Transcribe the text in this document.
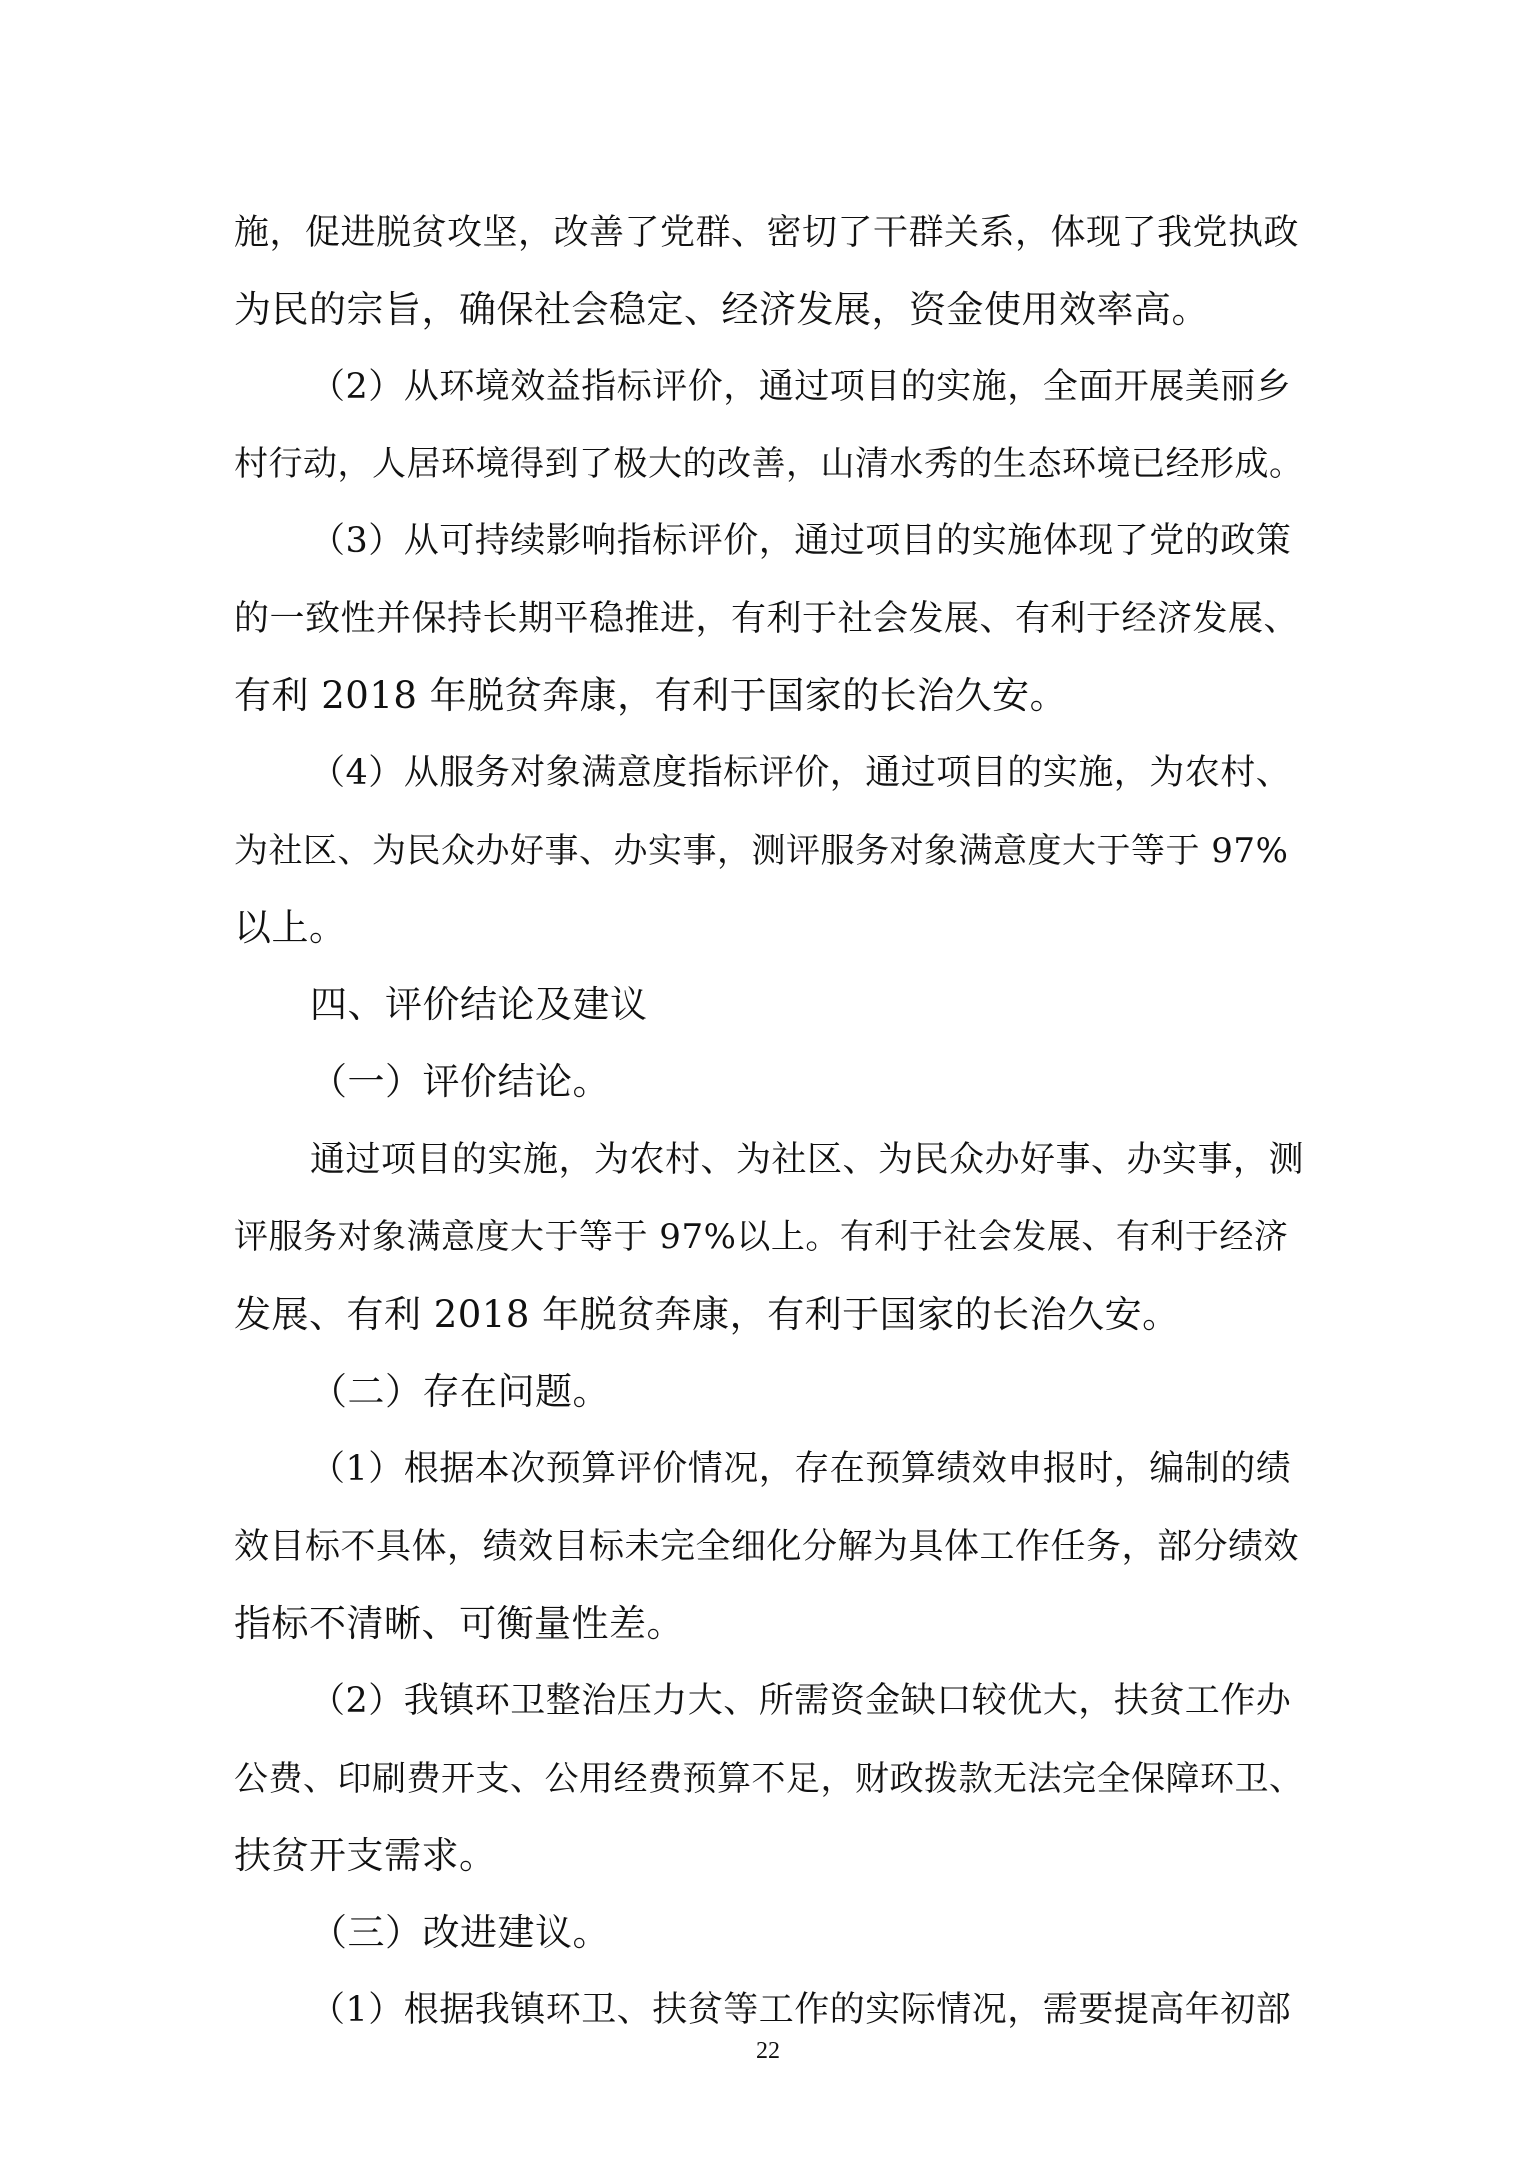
施，促进脱贫攻坚，改善了党群、密切了干群关系，体现了我党执政
为民的宗旨，确保社会稳定、经济发展，资金使用效率高。
（2）从环境效益指标评价，通过项目的实施，全面开展美丽乡
村行动，人居环境得到了极大的改善，山清水秀的生态环境已经形成。
（3）从可持续影响指标评价，通过项目的实施体现了党的政策
的一致性并保持长期平稳推进，有利于社会发展、有利于经济发展、
有利 2018 年脱贫奔康，有利于国家的长治久安。
（4）从服务对象满意度指标评价，通过项目的实施，为农村、
为社区、为民众办好事、办实事，测评服务对象满意度大于等于 97%
以上。
四、评价结论及建议
（一）评价结论。
通过项目的实施，为农村、为社区、为民众办好事、办实事，测
评服务对象满意度大于等于 97%以上。有利于社会发展、有利于经济
发展、有利 2018 年脱贫奔康，有利于国家的长治久安。
（二）存在问题。
（1）根据本次预算评价情况，存在预算绩效申报时，编制的绩
效目标不具体，绩效目标未完全细化分解为具体工作任务，部分绩效
指标不清晰、可衡量性差。
（2）我镇环卫整治压力大、所需资金缺口较优大，扶贫工作办
公费、印刷费开支、公用经费预算不足，财政拨款无法完全保障环卫、
扶贫开支需求。
（三）改进建议。
（1）根据我镇环卫、扶贫等工作的实际情况，需要提高年初部
22
